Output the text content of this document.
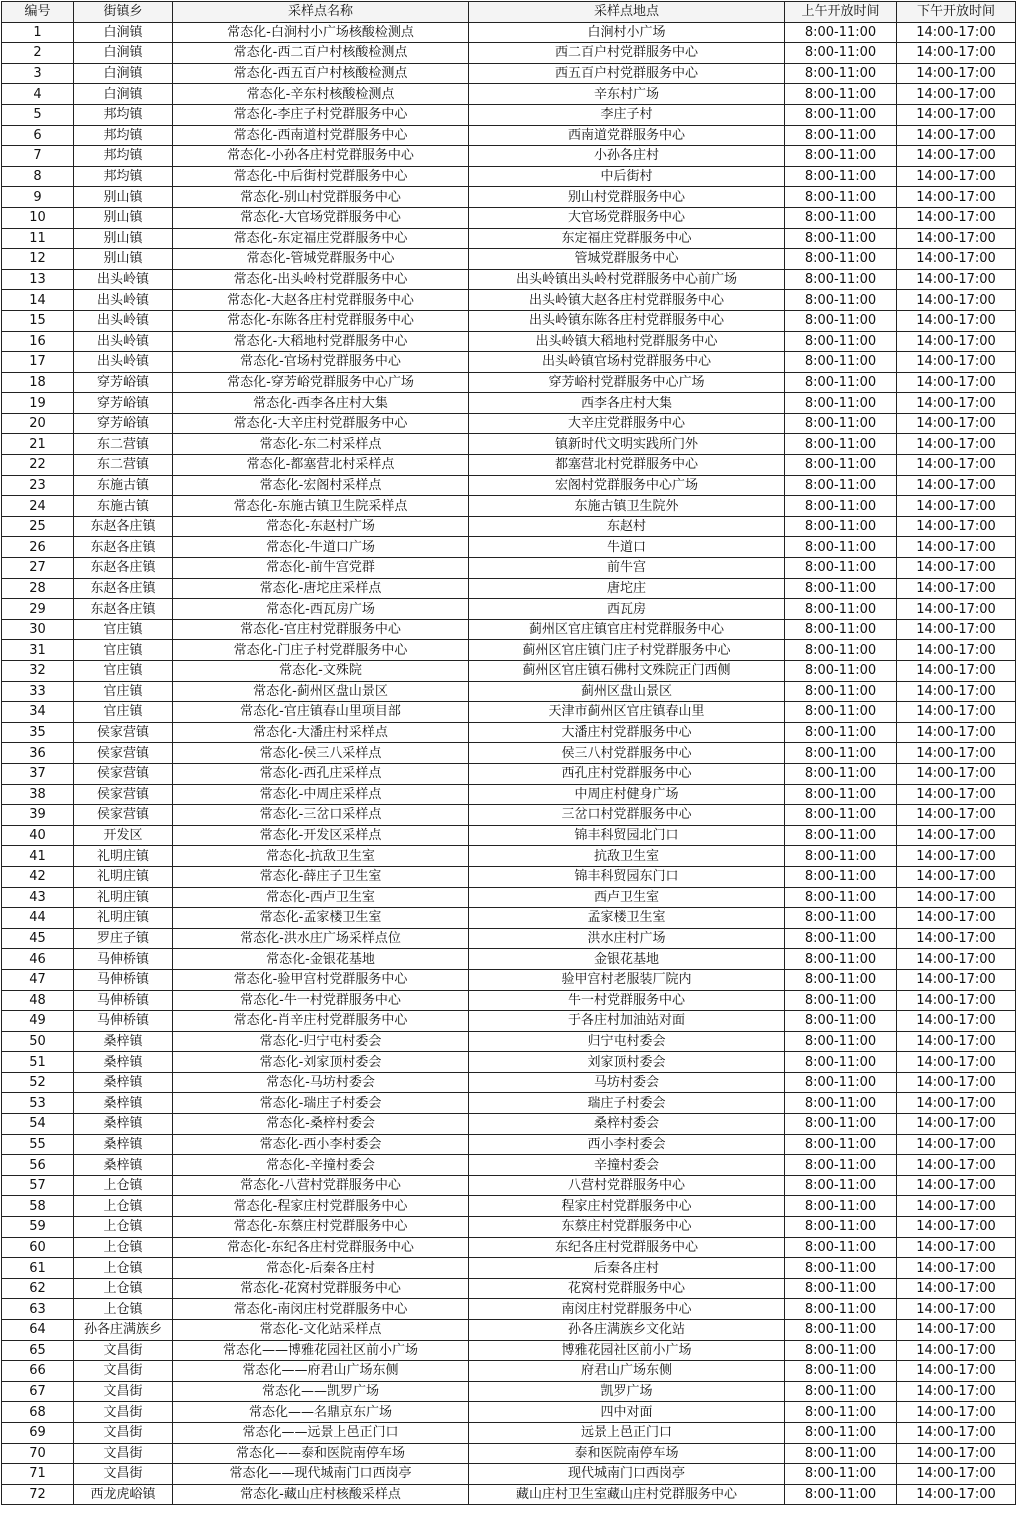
编号	街镇乡	采样点名称	采样点地点	上午开放时间	下午开放时间
1	白涧镇	常态化-白涧村小广场核酸检测点	白涧村小广场	8:00-11:00	14:00-17:00
2	白涧镇	常态化-西二百户村核酸检测点	西二百户村党群服务中心	8:00-11:00	14:00-17:00
3	白涧镇	常态化-西五百户村核酸检测点	西五百户村党群服务中心	8:00-11:00	14:00-17:00
4	白涧镇	常态化-辛东村核酸检测点	辛东村广场	8:00-11:00	14:00-17:00
5	邦均镇	常态化-李庄子村党群服务中心	李庄子村	8:00-11:00	14:00-17:00
6	邦均镇	常态化-西南道村党群服务中心	西南道党群服务中心	8:00-11:00	14:00-17:00
7	邦均镇	常态化-小孙各庄村党群服务中心	小孙各庄村	8:00-11:00	14:00-17:00
8	邦均镇	常态化-中后街村党群服务中心	中后街村	8:00-11:00	14:00-17:00
9	别山镇	常态化-别山村党群服务中心	别山村党群服务中心	8:00-11:00	14:00-17:00
10	别山镇	常态化-大官场党群服务中心	大官场党群服务中心	8:00-11:00	14:00-17:00
11	别山镇	常态化-东定福庄党群服务中心	东定福庄党群服务中心	8:00-11:00	14:00-17:00
12	别山镇	常态化-管城党群服务中心	管城党群服务中心	8:00-11:00	14:00-17:00
13	出头岭镇	常态化-出头岭村党群服务中心	出头岭镇出头岭村党群服务中心前广场	8:00-11:00	14:00-17:00
14	出头岭镇	常态化-大赵各庄村党群服务中心	出头岭镇大赵各庄村党群服务中心	8:00-11:00	14:00-17:00
15	出头岭镇	常态化-东陈各庄村党群服务中心	出头岭镇东陈各庄村党群服务中心	8:00-11:00	14:00-17:00
16	出头岭镇	常态化-大稻地村党群服务中心	出头岭镇大稻地村党群服务中心	8:00-11:00	14:00-17:00
17	出头岭镇	常态化-官场村党群服务中心	出头岭镇官场村党群服务中心	8:00-11:00	14:00-17:00
18	穿芳峪镇	常态化-穿芳峪党群服务中心广场	穿芳峪村党群服务中心广场	8:00-11:00	14:00-17:00
19	穿芳峪镇	常态化-西李各庄村大集	西李各庄村大集	8:00-11:00	14:00-17:00
20	穿芳峪镇	常态化-大辛庄村党群服务中心	大辛庄党群服务中心	8:00-11:00	14:00-17:00
21	东二营镇	常态化-东二村采样点	镇新时代文明实践所门外	8:00-11:00	14:00-17:00
22	东二营镇	常态化-都塞营北村采样点	都塞营北村党群服务中心	8:00-11:00	14:00-17:00
23	东施古镇	常态化-宏阁村采样点	宏阁村党群服务中心广场	8:00-11:00	14:00-17:00
24	东施古镇	常态化-东施古镇卫生院采样点	东施古镇卫生院外	8:00-11:00	14:00-17:00
25	东赵各庄镇	常态化-东赵村广场	东赵村	8:00-11:00	14:00-17:00
26	东赵各庄镇	常态化-牛道口广场	牛道口	8:00-11:00	14:00-17:00
27	东赵各庄镇	常态化-前牛宫党群	前牛宫	8:00-11:00	14:00-17:00
28	东赵各庄镇	常态化-唐坨庄采样点	唐坨庄	8:00-11:00	14:00-17:00
29	东赵各庄镇	常态化-西瓦房广场	西瓦房	8:00-11:00	14:00-17:00
30	官庄镇	常态化-官庄村党群服务中心	蓟州区官庄镇官庄村党群服务中心	8:00-11:00	14:00-17:00
31	官庄镇	常态化-门庄子村党群服务中心	蓟州区官庄镇门庄子村党群服务中心	8:00-11:00	14:00-17:00
32	官庄镇	常态化-文殊院	蓟州区官庄镇石佛村文殊院正门西侧	8:00-11:00	14:00-17:00
33	官庄镇	常态化-蓟州区盘山景区	蓟州区盘山景区	8:00-11:00	14:00-17:00
34	官庄镇	常态化-官庄镇春山里项目部	天津市蓟州区官庄镇春山里	8:00-11:00	14:00-17:00
35	侯家营镇	常态化-大潘庄村采样点	大潘庄村党群服务中心	8:00-11:00	14:00-17:00
36	侯家营镇	常态化-侯三八采样点	侯三八村党群服务中心	8:00-11:00	14:00-17:00
37	侯家营镇	常态化-西孔庄采样点	西孔庄村党群服务中心	8:00-11:00	14:00-17:00
38	侯家营镇	常态化-中周庄采样点	中周庄村健身广场	8:00-11:00	14:00-17:00
39	侯家营镇	常态化-三岔口采样点	三岔口村党群服务中心	8:00-11:00	14:00-17:00
40	开发区	常态化-开发区采样点	锦丰科贸园北门口	8:00-11:00	14:00-17:00
41	礼明庄镇	常态化-抗敌卫生室	抗敌卫生室	8:00-11:00	14:00-17:00
42	礼明庄镇	常态化-薛庄子卫生室	锦丰科贸园东门口	8:00-11:00	14:00-17:00
43	礼明庄镇	常态化-西卢卫生室	西卢卫生室	8:00-11:00	14:00-17:00
44	礼明庄镇	常态化-孟家楼卫生室	孟家楼卫生室	8:00-11:00	14:00-17:00
45	罗庄子镇	常态化-洪水庄广场采样点位	洪水庄村广场	8:00-11:00	14:00-17:00
46	马伸桥镇	常态化-金银花基地	金银花基地	8:00-11:00	14:00-17:00
47	马伸桥镇	常态化-验甲宫村党群服务中心	验甲宫村老服装厂院内	8:00-11:00	14:00-17:00
48	马伸桥镇	常态化-牛一村党群服务中心	牛一村党群服务中心	8:00-11:00	14:00-17:00
49	马伸桥镇	常态化-肖辛庄村党群服务中心	于各庄村加油站对面	8:00-11:00	14:00-17:00
50	桑梓镇	常态化-归宁屯村委会	归宁屯村委会	8:00-11:00	14:00-17:00
51	桑梓镇	常态化-刘家顶村委会	刘家顶村委会	8:00-11:00	14:00-17:00
52	桑梓镇	常态化-马坊村委会	马坊村委会	8:00-11:00	14:00-17:00
53	桑梓镇	常态化-瑞庄子村委会	瑞庄子村委会	8:00-11:00	14:00-17:00
54	桑梓镇	常态化-桑梓村委会	桑梓村委会	8:00-11:00	14:00-17:00
55	桑梓镇	常态化-西小李村委会	西小李村委会	8:00-11:00	14:00-17:00
56	桑梓镇	常态化-辛撞村委会	辛撞村委会	8:00-11:00	14:00-17:00
57	上仓镇	常态化-八营村党群服务中心	八营村党群服务中心	8:00-11:00	14:00-17:00
58	上仓镇	常态化-程家庄村党群服务中心	程家庄村党群服务中心	8:00-11:00	14:00-17:00
59	上仓镇	常态化-东蔡庄村党群服务中心	东蔡庄村党群服务中心	8:00-11:00	14:00-17:00
60	上仓镇	常态化-东纪各庄村党群服务中心	东纪各庄村党群服务中心	8:00-11:00	14:00-17:00
61	上仓镇	常态化-后秦各庄村	后秦各庄村	8:00-11:00	14:00-17:00
62	上仓镇	常态化-花窝村党群服务中心	花窝村党群服务中心	8:00-11:00	14:00-17:00
63	上仓镇	常态化-南闵庄村党群服务中心	南闵庄村党群服务中心	8:00-11:00	14:00-17:00
64	孙各庄满族乡	常态化-文化站采样点	孙各庄满族乡文化站	8:00-11:00	14:00-17:00
65	文昌街	常态化——博雅花园社区前小广场	博雅花园社区前小广场	8:00-11:00	14:00-17:00
66	文昌街	常态化——府君山广场东侧	府君山广场东侧	8:00-11:00	14:00-17:00
67	文昌街	常态化——凯罗广场	凯罗广场	8:00-11:00	14:00-17:00
68	文昌街	常态化——名鼎京东广场	四中对面	8:00-11:00	14:00-17:00
69	文昌街	常态化——远景上邑正门口	远景上邑正门口	8:00-11:00	14:00-17:00
70	文昌街	常态化——泰和医院南停车场	泰和医院南停车场	8:00-11:00	14:00-17:00
71	文昌街	常态化——现代城南门口西岗亭	现代城南门口西岗亭	8:00-11:00	14:00-17:00
72	西龙虎峪镇	常态化-藏山庄村核酸采样点	藏山庄村卫生室藏山庄村党群服务中心	8:00-11:00	14:00-17:00
